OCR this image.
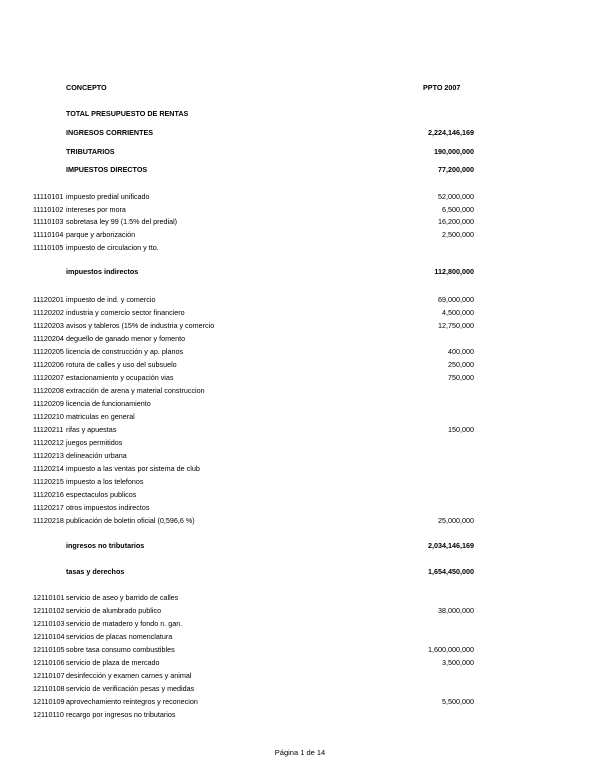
CONCEPTO	PPTO 2007
TOTAL PRESUPUESTO DE RENTAS
INGRESOS CORRIENTES	2,224,146,169
TRIBUTARIOS	190,000,000
IMPUESTOS DIRECTOS	77,200,000
11110101 impuesto predial unificado	52,000,000
11110102 intereses por mora	6,500,000
11110103 sobretasa ley 99 (1.5% del predial)	16,200,000
11110104 parque y arborización	2,500,000
11110105 impuesto de circulacion y tto.
impuestos indirectos	112,800,000
11120201 impuesto de ind. y comercio	69,000,000
11120202 industria y comercio sector financiero	4,500,000
11120203 avisos y tableros (15% de industria y comercio	12,750,000
11120204 deguello de ganado menor y fomento
11120205 licencia de construcción y ap. planos	400,000
11120206 rotura de calles y uso del subsuelo	250,000
11120207 estacionamiento y ocupación vias	750,000
11120208 extracción de arena y material construccion
11120209 licencia de funcionamiento
11120210 matriculas en general
11120211 rifas y apuestas	150,000
11120212 juegos permitidos
11120213 delineación urbana
11120214 impuesto a las ventas por sistema de club
11120215 impuesto a los telefonos
11120216 espectaculos publicos
11120217 otros impuestos indirectos
11120218 publicación de boletin oficial (0,596,6 %)	25,000,000
ingresos no tributarios	2,034,146,169
tasas y derechos	1,654,450,000
12110101 servicio de aseo y barrido de calles
12110102 servicio de alumbrado publico	38,000,000
12110103 servicio de matadero y fondo n. gan.
12110104 servicios de placas nomenclatura
12110105 sobre tasa consumo combustibles	1,600,000,000
12110106 servicio de plaza de mercado	3,500,000
12110107 desinfección y examen carnes y animal
12110108 servicio de verificación pesas y medidas
12110109 aprovechamiento reintegros y reconecion	5,500,000
12110110 recargo por ingresos no tributarios
Página 1 de 14
